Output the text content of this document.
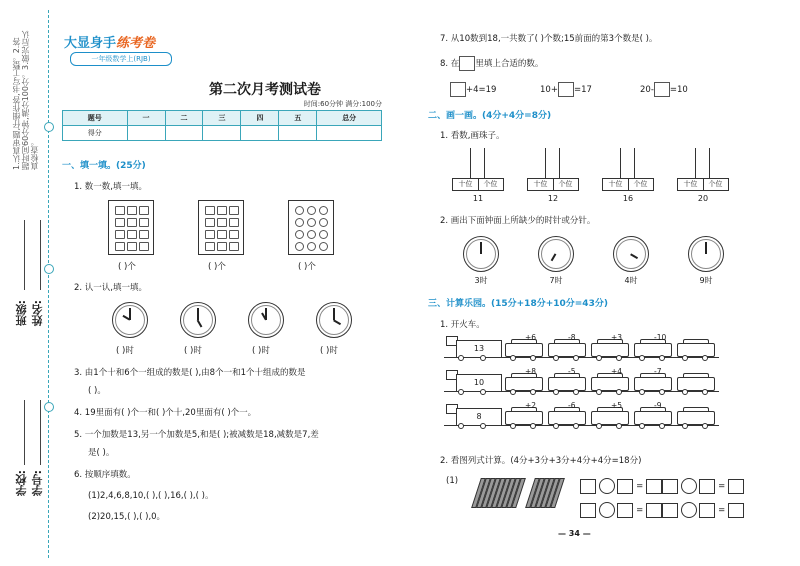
1.认真审题,仔细作答,书写工整。2.答题时间60分钟,满分100分。3.做完后认真检查。
班级: 姓名:
学校: 学号:
大显身手练考卷
一年级数学上(RJB)
第二次月考测试卷
时间:60分钟 满分:100分
题号	一	二	三	四	五	总分
得分						
一、填一填。(25分)
1. 数一数,填一填。
( )个	( )个	( )个
2. 认一认,填一填。
( )时	( )时	( )时	( )时
3. 由1个十和6个一组成的数是( ),由8个一和1个十组成的数是
( )。
4. 19里面有( )个一和( )个十,20里面有( )个一。
5. 一个加数是13,另一个加数是5,和是( );被减数是18,减数是7,差
是( )。
6. 按顺序填数。
(1)2,4,6,8,10,( ),( ),16,( ),( )。
(2)20,15,( ),( ),0。
7. 从10数到18,一共数了( )个数;15前面的第3个数是( )。
8. 在 里填上合适的数。
+4=19	10+ =17	20- =10
二、画一画。(4分+4分=8分)
1. 看数,画珠子。
十位 个位
11
十位 个位
12
十位 个位
16
十位 个位
20
2. 画出下面钟面上所缺少的时针或分针。
3时	7时	4时	9时
三、计算乐园。(15分+18分+10分=43分)
1. 开火车。
13
+6	-8	+3	-10
10
+8	-5	+4	-7
8
+2	-6	+5	-9
2. 看图列式计算。(4分+3分+3分+4分+4分=18分)
(1)
=	=
=	=
— 34 —
